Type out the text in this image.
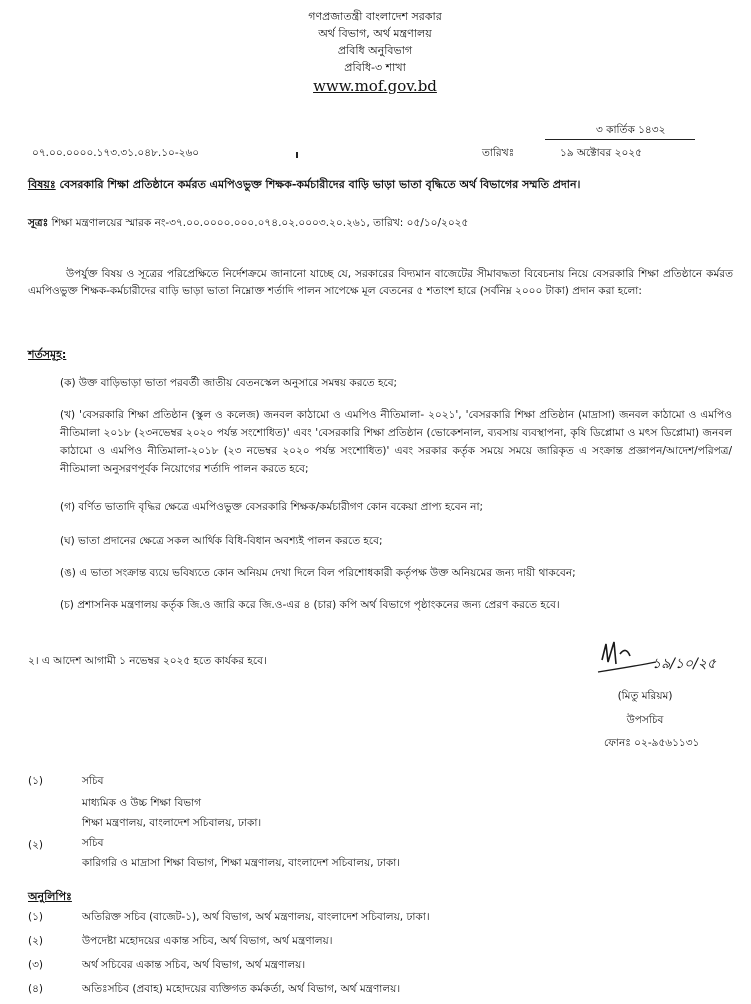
গণপ্রজাতন্ত্রী বাংলাদেশ সরকার
অর্থ বিভাগ, অর্থ মন্ত্রণালয়
প্রবিধি অনুবিভাগ
প্রবিধি-৩ শাখা
www.mof.gov.bd
০৭.০০.০০০০.১৭৩.৩১.০৪৮.১০-২৬০
৩ কার্তিক ১৪৩২
তারিখঃ	১৯ অক্টোবর ২০২৫
বিষয়ঃ বেসরকারি শিক্ষা প্রতিষ্ঠানে কর্মরত এমপিওভুক্ত শিক্ষক-কর্মচারীদের বাড়ি ভাড়া ভাতা বৃদ্ধিতে অর্থ বিভাগের সম্মতি প্রদান।
সূত্রঃ শিক্ষা মন্ত্রণালয়ের স্মারক নং-৩৭.০০.০০০০.০০০.০৭৪.০২.০০০৩.২০.২৬১, তারিখ: ০৫/১০/২০২৫
উপর্যুক্ত বিষয় ও সূত্রের পরিপ্রেক্ষিতে নির্দেশক্রমে জানানো যাচ্ছে যে, সরকারের বিদ্যমান বাজেটের সীমাবদ্ধতা বিবেচনায় নিয়ে বেসরকারি শিক্ষা প্রতিষ্ঠানে কর্মরত এমপিওভুক্ত শিক্ষক-কর্মচারীদের বাড়ি ভাড়া ভাতা নিম্নোক্ত শর্তাদি পালন সাপেক্ষে মূল বেতনের ৫ শতাংশ হারে (সর্বনিম্ন ২০০০ টাকা) প্রদান করা হলো:
শর্তসমূহ:
(ক) উক্ত বাড়িভাড়া ভাতা পরবর্তী জাতীয় বেতনস্কেল অনুসারে সমন্বয় করতে হবে;
(খ) 'বেসরকারি শিক্ষা প্রতিষ্ঠান (স্কুল ও কলেজ) জনবল কাঠামো ও এমপিও নীতিমালা- ২০২১', 'বেসরকারি শিক্ষা প্রতিষ্ঠান (মাদ্রাসা) জনবল কাঠামো ও এমপিও নীতিমালা ২০১৮ (২৩নভেম্বর ২০২০ পর্যন্ত সংশোধিত)' এবং 'বেসরকারি শিক্ষা প্রতিষ্ঠান (ভোকেশনাল, ব্যবসায় ব্যবস্থাপনা, কৃষি ডিপ্লোমা ও মৎস ডিপ্লোমা) জনবল কাঠামো ও এমপিও নীতিমালা-২০১৮ (২৩ নভেম্বর ২০২০ পর্যন্ত সংশোধিত)' এবং সরকার কর্তৃক সময়ে সময়ে জারিকৃত এ সংক্রান্ত প্রজ্ঞাপন/আদেশ/পরিপত্র/নীতিমালা অনুসরণপূর্বক নিয়োগের শর্তাদি পালন করতে হবে;
(গ) বর্ণিত ভাতাদি বৃদ্ধির ক্ষেত্রে এমপিওভুক্ত বেসরকারি শিক্ষক/কর্মচারীগণ কোন বকেয়া প্রাপ্য হবেন না;
(ঘ) ভাতা প্রদানের ক্ষেত্রে সকল আর্থিক বিধি-বিধান অবশ্যই পালন করতে হবে;
(ঙ) এ ভাতা সংক্রান্ত ব্যয়ে ভবিষ্যতে কোন অনিয়ম দেখা দিলে বিল পরিশোধকারী কর্তৃপক্ষ উক্ত অনিয়মের জন্য দায়ী থাকবেন;
(চ) প্রশাসনিক মন্ত্রণালয় কর্তৃক জি.ও জারি করে জি.ও-এর ৪ (চার) কপি অর্থ বিভাগে পৃষ্ঠাংকনের জন্য প্রেরণ করতে হবে।
২। এ আদেশ আগামী ১ নভেম্বর ২০২৫ হতে কার্যকর হবে।	১৯/১০/২৫
(মিতু মরিয়ম)
উপসচিব
ফোনঃ ০২-৯৫৬১১৩১
(১)	সচিব
মাধ্যমিক ও উচ্চ শিক্ষা বিভাগ
শিক্ষা মন্ত্রণালয়, বাংলাদেশ সচিবালয়, ঢাকা।
(২)	সচিব
কারিগরি ও মাদ্রাসা শিক্ষা বিভাগ, শিক্ষা মন্ত্রণালয়, বাংলাদেশ সচিবালয়, ঢাকা।
অনুলিপিঃ
(১)	অতিরিক্ত সচিব (বাজেট-১), অর্থ বিভাগ, অর্থ মন্ত্রণালয়, বাংলাদেশ সচিবালয়, ঢাকা।
(২)	উপদেষ্টা মহোদয়ের একান্ত সচিব, অর্থ বিভাগ, অর্থ মন্ত্রণালয়।
(৩)	অর্থ সচিবের একান্ত সচিব, অর্থ বিভাগ, অর্থ মন্ত্রণালয়।
(৪)	অতিঃসচিব (প্রবাহ) মহোদয়ের ব্যক্তিগত কর্মকর্তা, অর্থ বিভাগ, অর্থ মন্ত্রণালয়।
